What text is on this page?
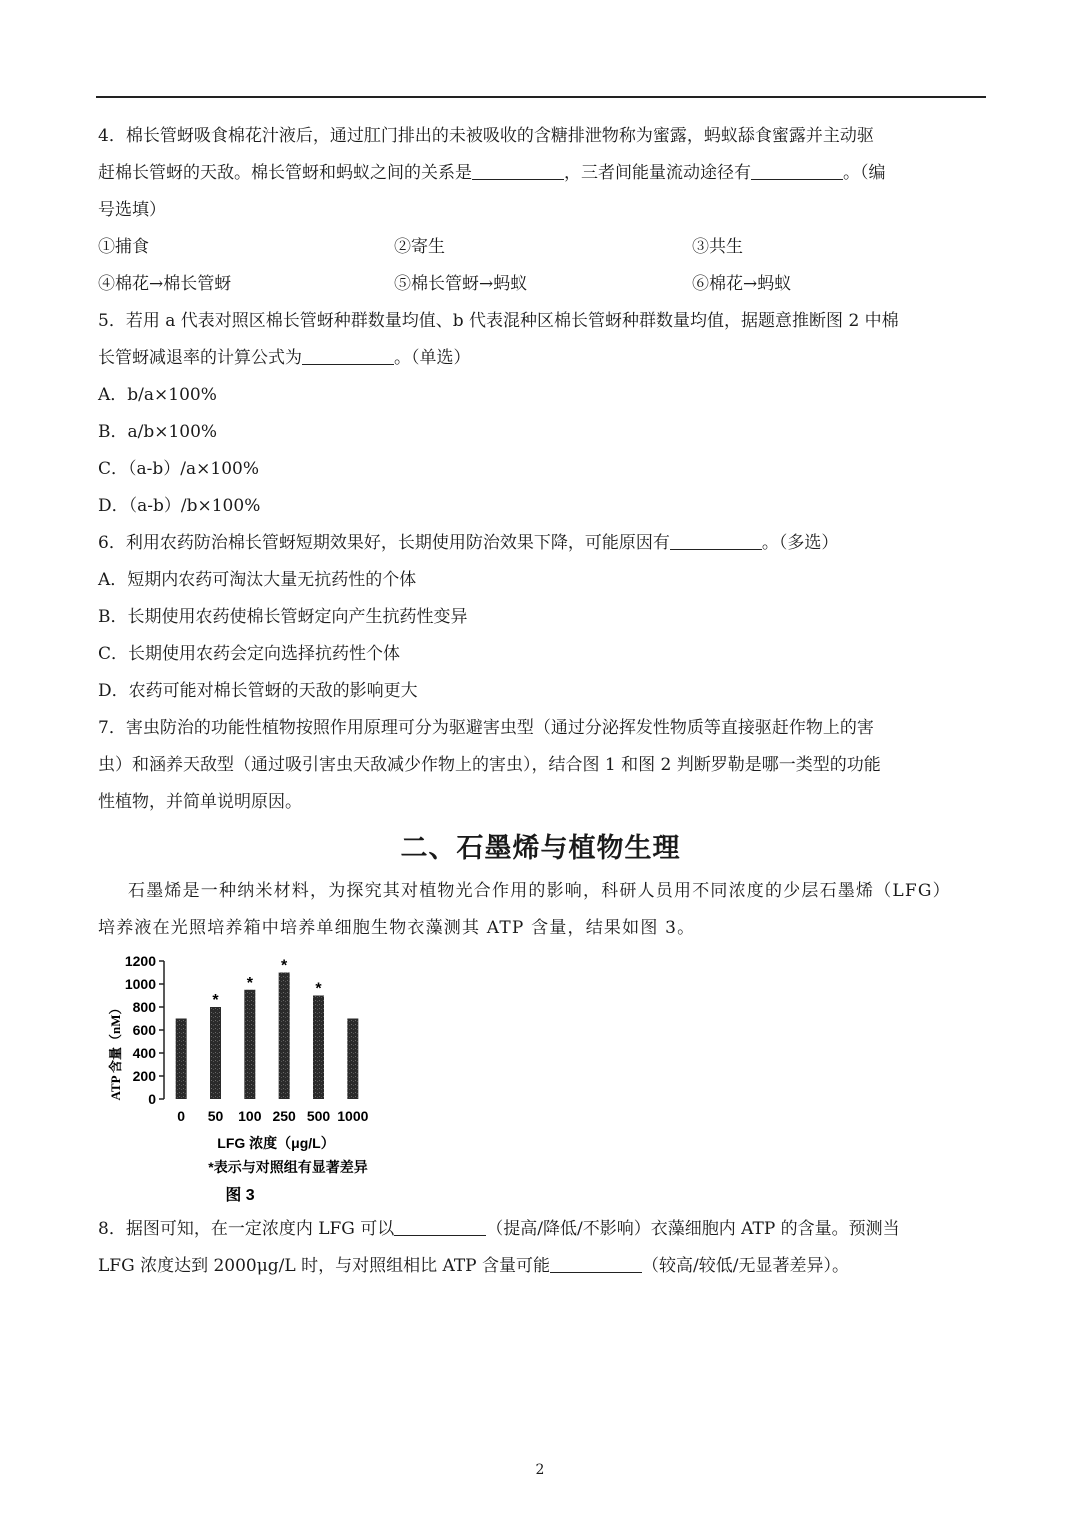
4．棉长管蚜吸食棉花汁液后，通过肛门排出的未被吸收的含糖排泄物称为蜜露，蚂蚁舔食蜜露并主动驱
赶棉长管蚜的天敌。棉长管蚜和蚂蚁之间的关系是	，三者间能量流动途径有	。（编
号选填）
①捕食	②寄生	③共生
④棉花→棉长管蚜	⑤棉长管蚜→蚂蚁	⑥棉花→蚂蚁
5．若用 a 代表对照区棉长管蚜种群数量均值、b 代表混种区棉长管蚜种群数量均值，据题意推断图 2 中棉
长管蚜减退率的计算公式为	。（单选）
A．b/a×100%
B．a/b×100%
C．（a-b）/a×100%
D．（a-b）/b×100%
6．利用农药防治棉长管蚜短期效果好，长期使用防治效果下降，可能原因有	。（多选）
A．短期内农药可淘汰大量无抗药性的个体
B．长期使用农药使棉长管蚜定向产生抗药性变异
C．长期使用农药会定向选择抗药性个体
D．农药可能对棉长管蚜的天敌的影响更大
7．害虫防治的功能性植物按照作用原理可分为驱避害虫型（通过分泌挥发性物质等直接驱赶作物上的害
虫）和涵养天敌型（通过吸引害虫天敌减少作物上的害虫），结合图 1 和图 2 判断罗勒是哪一类型的功能
性植物，并简单说明原因。
二、石墨烯与植物生理
石墨烯是一种纳米材料，为探究其对植物光合作用的影响，科研人员用不同浓度的少层石墨烯（LFG）
培养液在光照培养箱中培养单细胞生物衣藻测其 ATP 含量，结果如图 3。
0
200
400
600
800
1000
1200
0 50
*
100
*
250
*
500
*
1000
ATP 含量（nM）
LFG 浓度（μg/L）
*表示与对照组有显著差异
图 3
8．据图可知，在一定浓度内 LFG 可以	（提高/降低/不影响）衣藻细胞内 ATP 的含量。预测当
LFG 浓度达到 2000μg/L 时，与对照组相比 ATP 含量可能	（较高/较低/无显著差异）。
2
